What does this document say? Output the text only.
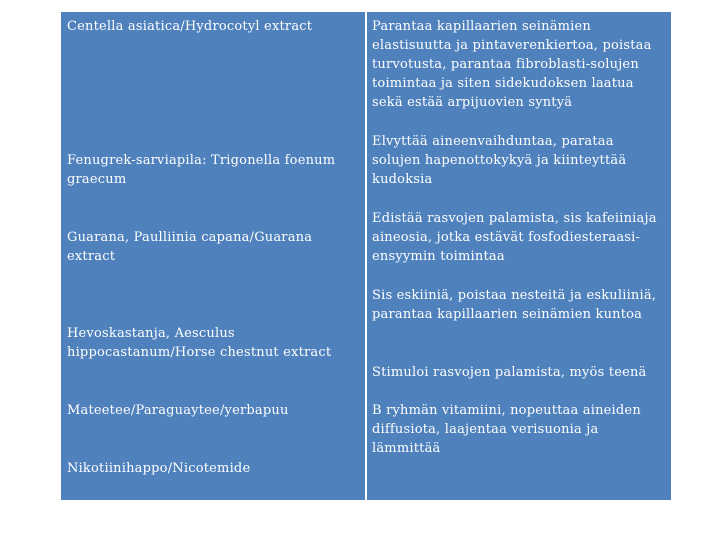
Centella asiatica/Hydrocotyl extract	Parantaa kapillaarien seinämien
elastisuutta ja pintaverenkiertoa, poistaa
turvotusta, parantaa fibroblasti-solujen
toimintaa ja siten sidekudoksen laatua
sekä estää arpijuovien syntyä
Fenugrek-sarviapila: Trigonella foenum
graecum
Elvyttää aineenvaihduntaa, parataa
solujen hapenottokykyä ja kiinteyttää
kudoksia
Guarana, Paulliinia capana/Guarana
extract
Edistää rasvojen palamista, sis kafeiiniaja
aineosia, jotka estävät fosfodiesteraasi-
ensyymin toimintaa
Hevoskastanja, Aesculus
hippocastanum/Horse chestnut extract
Sis eskiiniä, poistaa nesteitä ja eskuliiniä,
parantaa kapillaarien seinämien kuntoa
Stimuloi rasvojen palamista, myös teenä
Mateetee/Paraguaytee/yerbapuu	B ryhmän vitamiini, nopeuttaa aineiden
diffusiota, laajentaa verisuonia ja
lämmittää
Nikotiinihappo/Nicotemide
